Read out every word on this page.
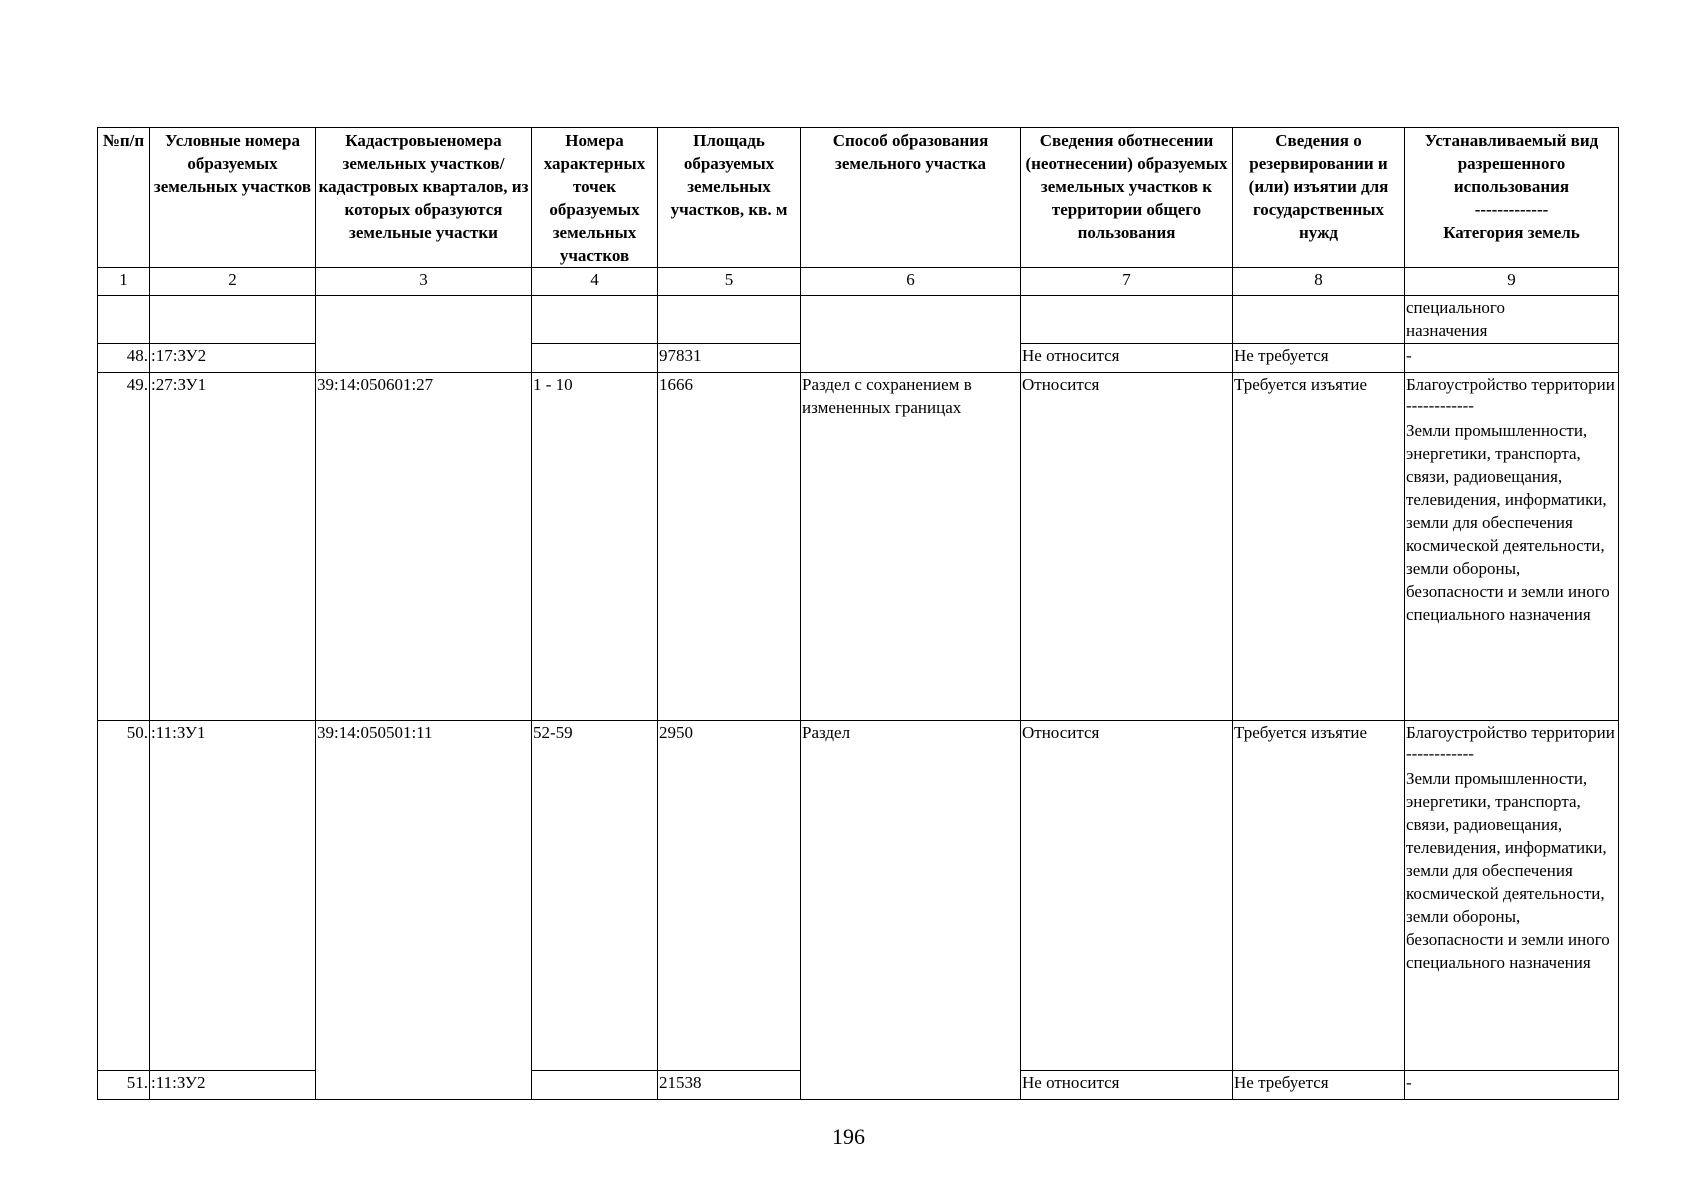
№п/п	Условные номера образуемых земельных участков	Кадастровыеномера земельных участков/кадастровых кварталов, из которых образуются земельные участки	Номера характерных точек образуемых земельных участков	Площадь образуемых земельных участков, кв. м	Способ образования земельного участка	Сведения оботнесении (неотнесении) образуемых земельных участков к территории общего пользования	Сведения о резервировании и (или) изъятии для государственных нужд	Устанавливаемый вид разрешенного использования
-------------
Категория земель

1	2	3	4	5	6	7	8	9

								специального
назначения

48.	:17:ЗУ2			97831		Не относится	Не требуется	-
49.	:27:ЗУ1	39:14:050601:27	1 - 10	1666	Раздел с сохранением в измененных границах	Относится	Требуется изъятие	Благоустройство территории
------------
Земли промышленности, энергетики, транспорта, связи, радиовещания, телевидения, информатики, земли для обеспечения космической деятельности, земли обороны, безопасности и земли иного специального назначения

50.	:11:ЗУ1	39:14:050501:11	52-59	2950	Раздел	Относится	Требуется изъятие	Благоустройство территории
------------
Земли промышленности, энергетики, транспорта, связи, радиовещания, телевидения, информатики, земли для обеспечения космической деятельности, земли обороны, безопасности и земли иного специального назначения

51.	:11:ЗУ2			21538		Не относится	Не требуется	-
196
